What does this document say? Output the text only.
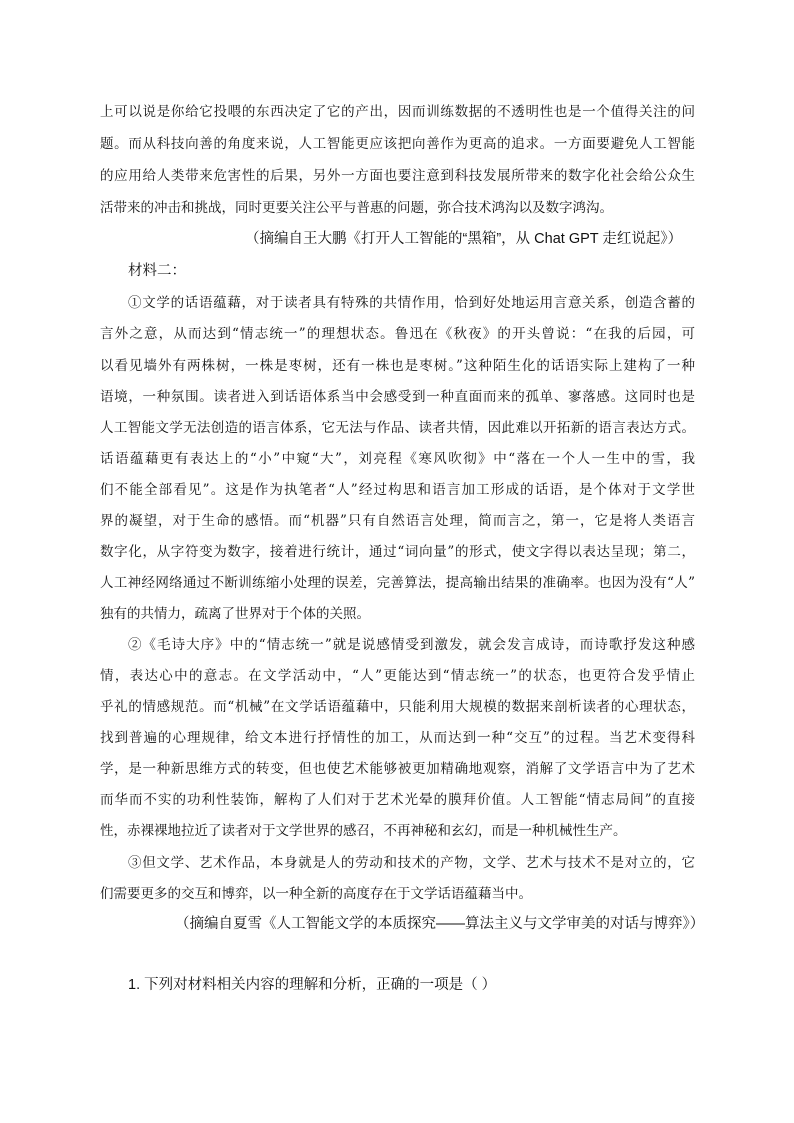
上可以说是你给它投喂的东西决定了它的产出，因而训练数据的不透明性也是一个值得关注的问
题。而从科技向善的角度来说，人工智能更应该把向善作为更高的追求。一方面要避免人工智能
的应用给人类带来危害性的后果，另外一方面也要注意到科技发展所带来的数字化社会给公众生
活带来的冲击和挑战，同时更要关注公平与普惠的问题，弥合技术鸿沟以及数字鸿沟。
（摘编自王大鹏《打开人工智能的“黑箱”，从 Chat GPT 走红说起》）
材料二：
①文学的话语蕴藉，对于读者具有特殊的共情作用，恰到好处地运用言意关系，创造含蓄的
言外之意，从而达到“情志统一”的理想状态。鲁迅在《秋夜》的开头曾说：“在我的后园，可
以看见墙外有两株树，一株是枣树，还有一株也是枣树。”这种陌生化的话语实际上建构了一种
语境，一种氛围。读者进入到话语体系当中会感受到一种直面而来的孤单、寥落感。这同时也是
人工智能文学无法创造的语言体系，它无法与作品、读者共情，因此难以开拓新的语言表达方式。
话语蕴藉更有表达上的“小”中窥“大”，刘亮程《寒风吹彻》中“落在一个人一生中的雪，我
们不能全部看见”。这是作为执笔者“人”经过构思和语言加工形成的话语，是个体对于文学世
界的凝望，对于生命的感悟。而“机器”只有自然语言处理，简而言之，第一，它是将人类语言
数字化，从字符变为数字，接着进行统计，通过“词向量”的形式，使文字得以表达呈现；第二，
人工神经网络通过不断训练缩小处理的误差，完善算法，提高输出结果的准确率。也因为没有“人”
独有的共情力，疏离了世界对于个体的关照。
②《毛诗大序》中的“情志统一”就是说感情受到激发，就会发言成诗，而诗歌抒发这种感
情，表达心中的意志。在文学活动中，“人”更能达到“情志统一”的状态，也更符合发乎情止
乎礼的情感规范。而“机械”在文学话语蕴藉中，只能利用大规模的数据来剖析读者的心理状态，
找到普遍的心理规律，给文本进行抒情性的加工，从而达到一种“交互”的过程。当艺术变得科
学，是一种新思维方式的转变，但也使艺术能够被更加精确地观察，消解了文学语言中为了艺术
而华而不实的功利性装饰，解构了人们对于艺术光晕的膜拜价值。人工智能“情志局间”的直接
性，赤裸裸地拉近了读者对于文学世界的感召，不再神秘和玄幻，而是一种机械性生产。
③但文学、艺术作品，本身就是人的劳动和技术的产物，文学、艺术与技术不是对立的，它
们需要更多的交互和博弈，以一种全新的高度存在于文学话语蕴藉当中。
（摘编自夏雪《人工智能文学的本质探究——算法主义与文学审美的对话与博弈》）
1. 下列对材料相关内容的理解和分析，正确的一项是（ ）
